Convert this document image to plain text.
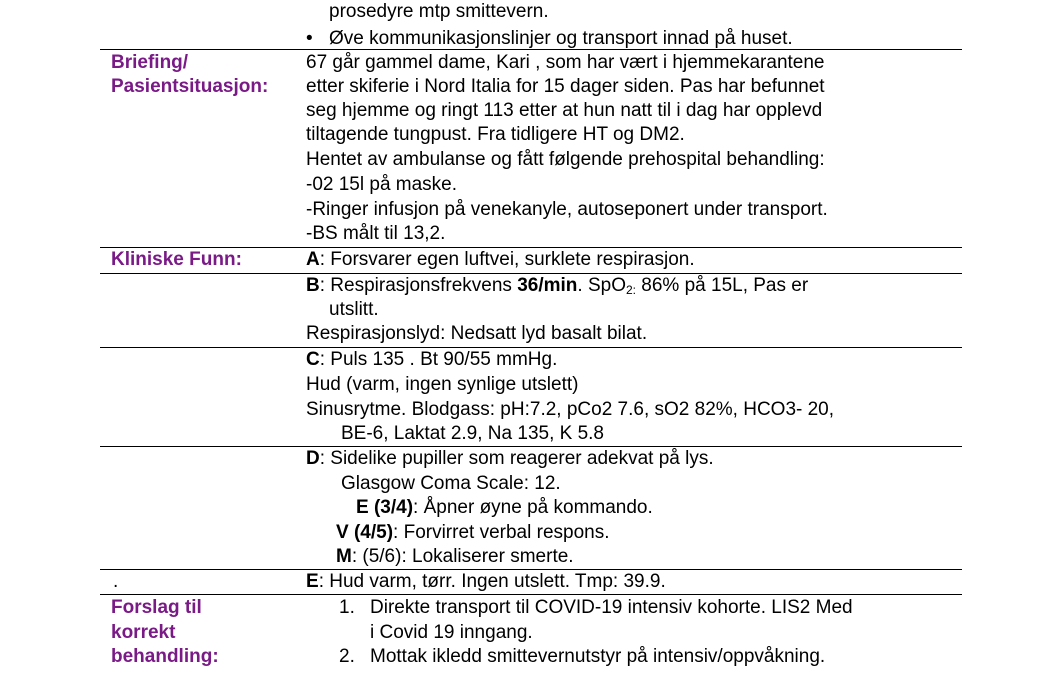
prosedyre mtp smittevern.
• Øve kommunikasjonslinjer og transport innad på huset.
Briefing/
Pasientsituasjon:
67 går gammel dame, Kari , som har vært i hjemmekarantene
etter skiferie i Nord Italia for 15 dager siden. Pas har befunnet
seg hjemme og ringt 113 etter at hun natt til i dag har opplevd
tiltagende tungpust. Fra tidligere HT og DM2.
Hentet av ambulanse og fått følgende prehospital behandling:
-02 15l på maske.
-Ringer infusjon på venekanyle, autoseponert under transport.
-BS målt til 13,2.
Kliniske Funn:	A: Forsvarer egen luftvei, surklete respirasjon.
B: Respirasjonsfrekvens 36/min. SpO$_{2:}$ 86% på 15L, Pas er
utslitt.
Respirasjonslyd: Nedsatt lyd basalt bilat.
C: Puls 135 . Bt 90/55 mmHg.
Hud (varm, ingen synlige utslett)
Sinusrytme. Blodgass: pH:7.2, pCo2 7.6, sO2 82%, HCO3- 20,
BE-6, Laktat 2.9, Na 135, K 5.8
D: Sidelike pupiller som reagerer adekvat på lys.
Glasgow Coma Scale: 12.
E (3/4): Åpner øyne på kommando.
V (4/5): Forvirret verbal respons.
M: (5/6): Lokaliserer smerte.
.	E: Hud varm, tørr. Ingen utslett. Tmp: 39.9.
Forslag til
korrekt
behandling:
1. Direkte transport til COVID-19 intensiv kohorte. LIS2 Med
i Covid 19 inngang.
2. Mottak ikledd smittevernutstyr på intensiv/oppvåkning.
